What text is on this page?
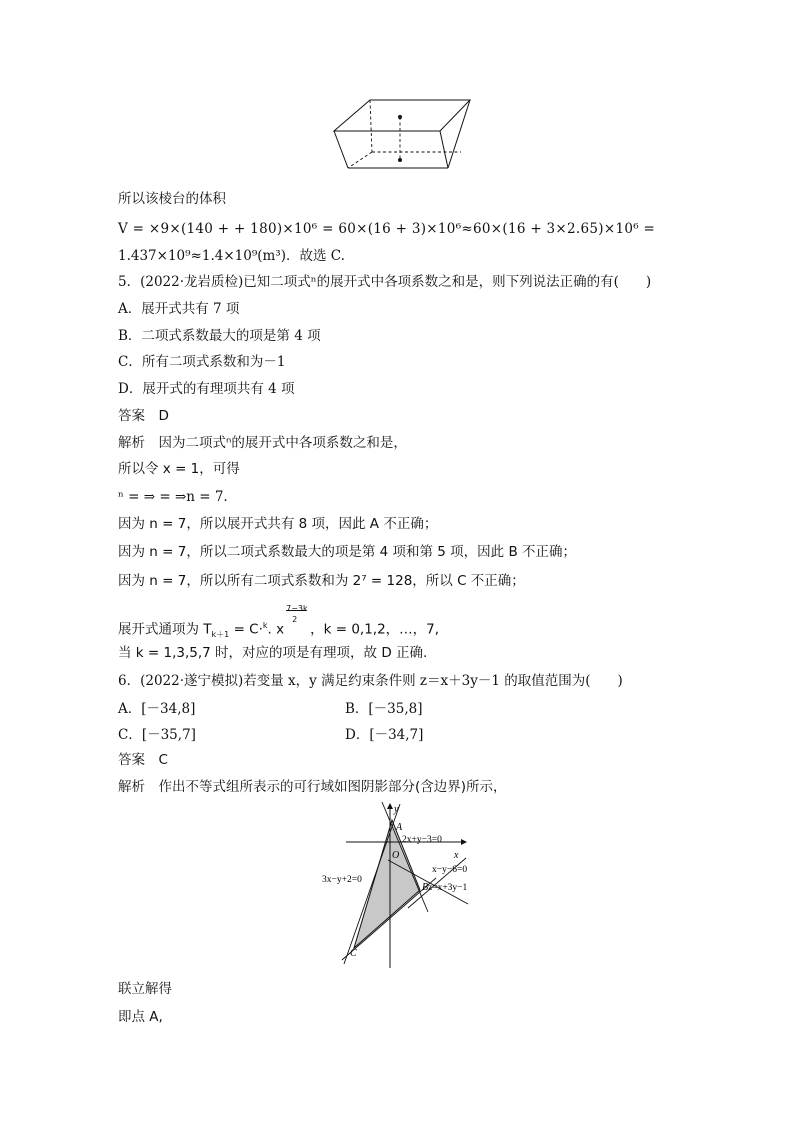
所以该棱台的体积
V = ×9×(140 + + 180)×10⁶ = 60×(16 + 3)×10⁶≈60×(16 + 3×2.65)×10⁶ =
1.437×10⁹≈1.4×10⁹(m³)．故选 C.
5．(2022·龙岩质检)已知二项式ⁿ的展开式中各项系数之和是，则下列说法正确的有(　　)
A．展开式共有 7 项
B．二项式系数最大的项是第 4 项
C．所有二项式系数和为－1
D．展开式的有理项共有 4 项
答案　D
解析　因为二项式ⁿ的展开式中各项系数之和是，
所以令 x = 1，可得
ⁿ = ⇒ = ⇒n = 7.
因为 n = 7，所以展开式共有 8 项，因此 A 不正确；
因为 n = 7，所以二项式系数最大的项是第 4 项和第 5 项，因此 B 不正确；
因为 n = 7，所以所有二项式系数和为 2⁷ = 128，所以 C 不正确；
展开式通项为 $T_{k+1} = C\cdot^k$. x
7−3k
2
，k = 0,1,2，…，7,
当 k = 1,3,5,7 时，对应的项是有理项，故 D 正确.
6．(2022·遂宁模拟)若变量 x，y 满足约束条件则 z＝x＋3y－1 的取值范围为(　　)
A．[－34,8]	B．[－35,8]
C．[－35,7]	D．[－34,7]
答案　C
解析　作出不等式组所表示的可行域如图阴影部分(含边界)所示，
y
x
O
A
B
C
2x+y−3=0
x−y−6=0
z=x+3y−1
3x−y+2=0
联立解得
即点 A,
